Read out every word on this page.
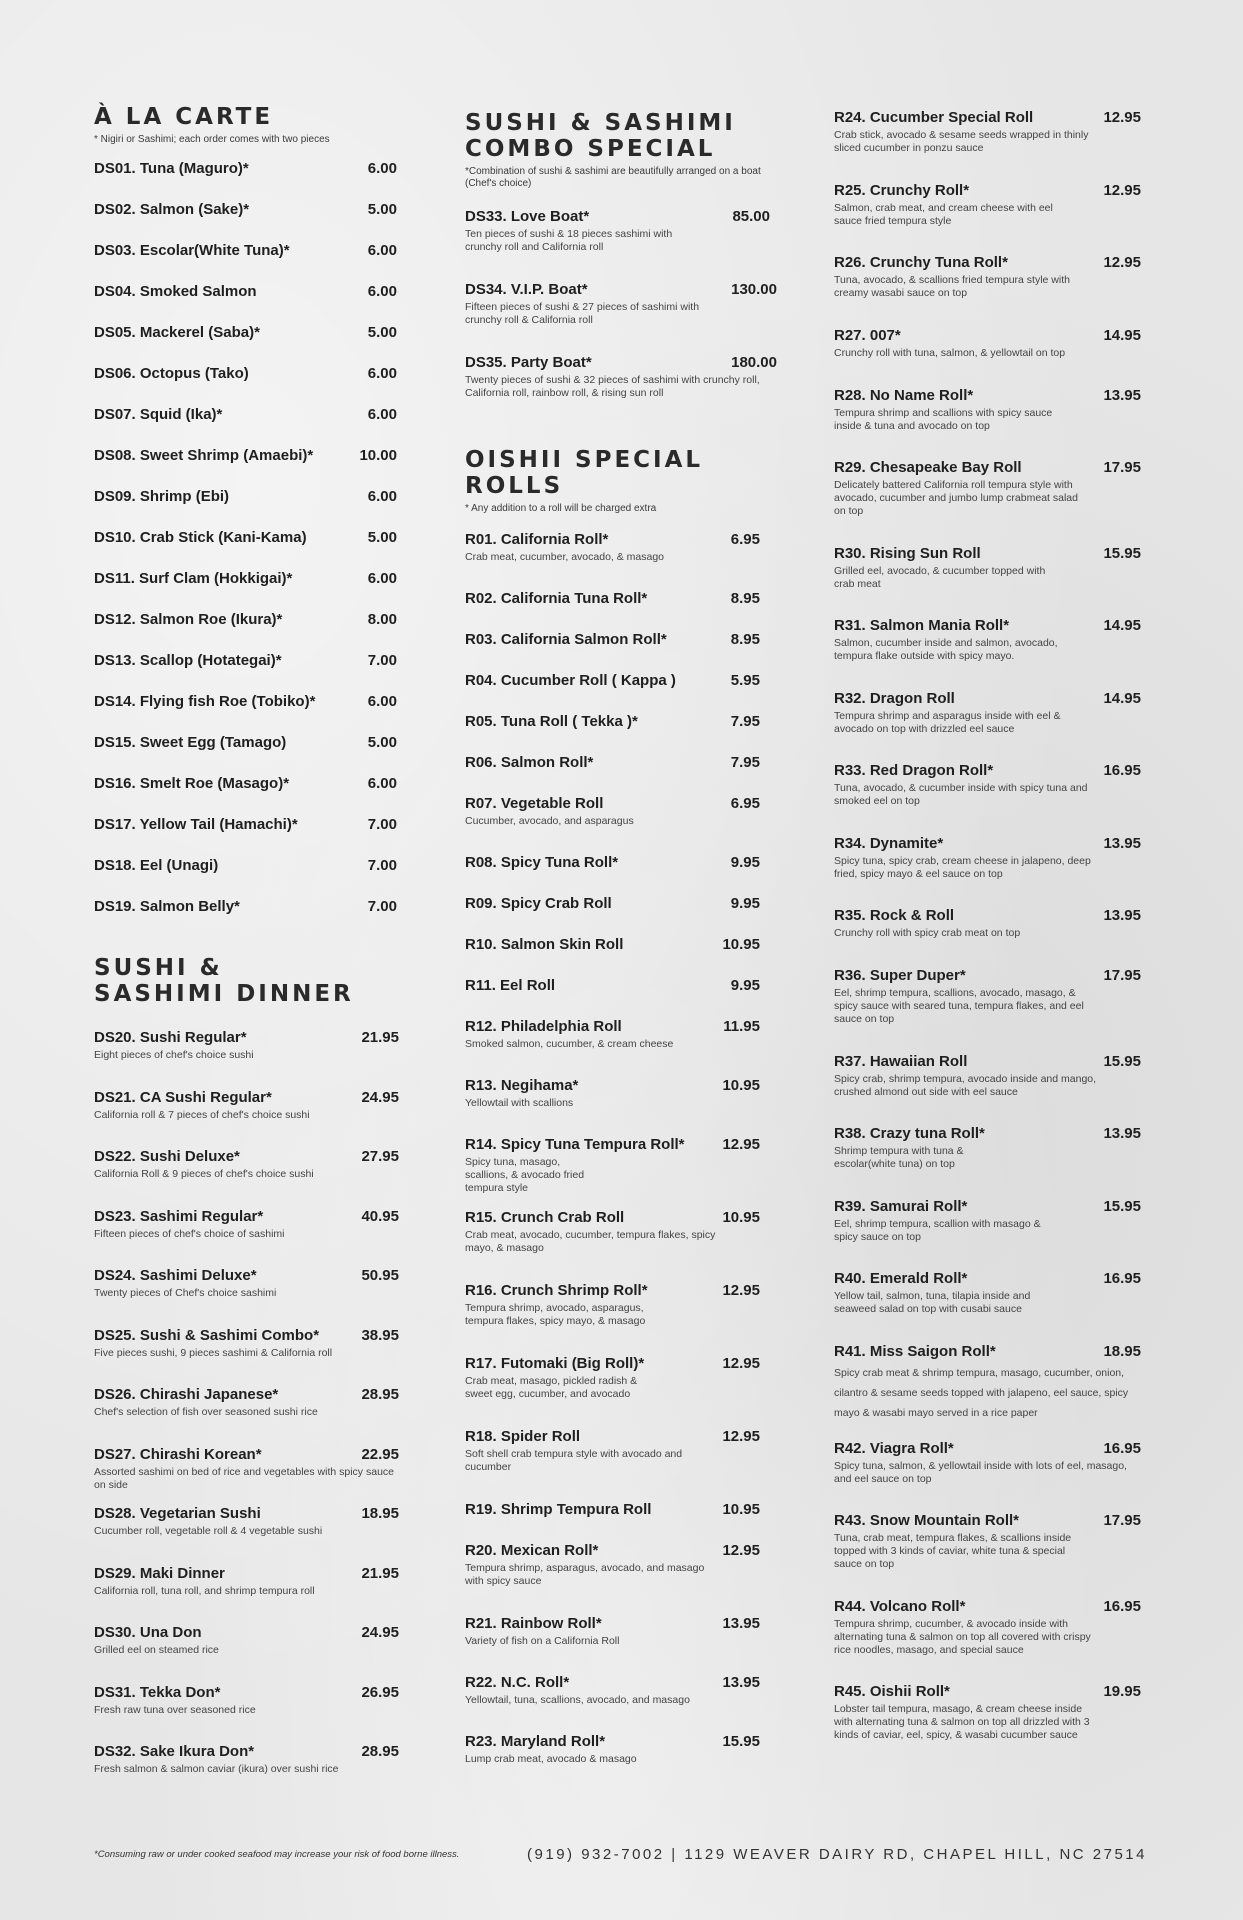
À LA CARTE
* Nigiri or Sashimi; each order comes with two pieces
DS01. Tuna (Maguro)*	6.00
DS02. Salmon (Sake)*	5.00
DS03. Escolar(White Tuna)*	6.00
DS04. Smoked Salmon	6.00
DS05. Mackerel (Saba)*	5.00
DS06. Octopus (Tako)	6.00
DS07. Squid (Ika)*	6.00
DS08. Sweet Shrimp (Amaebi)*	10.00
DS09. Shrimp (Ebi)	6.00
DS10. Crab Stick (Kani-Kama)	5.00
DS11. Surf Clam (Hokkigai)*	6.00
DS12. Salmon Roe (Ikura)*	8.00
DS13. Scallop (Hotategai)*	7.00
DS14. Flying fish Roe (Tobiko)*	6.00
DS15. Sweet Egg (Tamago)	5.00
DS16. Smelt Roe (Masago)*	6.00
DS17. Yellow Tail (Hamachi)*	7.00
DS18. Eel (Unagi)	7.00
DS19. Salmon Belly*	7.00
SUSHI &
SASHIMI DINNER
DS20. Sushi Regular*	21.95
Eight pieces of chef's choice sushi
DS21. CA Sushi Regular*	24.95
California roll & 7 pieces of chef's choice sushi
DS22. Sushi Deluxe*	27.95
California Roll & 9 pieces of chef's choice sushi
DS23. Sashimi Regular*	40.95
Fifteen pieces of chef's choice of sashimi
DS24. Sashimi Deluxe*	50.95
Twenty pieces of Chef's choice sashimi
DS25. Sushi & Sashimi Combo*	38.95
Five pieces sushi, 9 pieces sashimi & California roll
DS26. Chirashi Japanese*	28.95
Chef's selection of fish over seasoned sushi rice
DS27. Chirashi Korean*	22.95
Assorted sashimi on bed of rice and vegetables with spicy sauce on side
DS28. Vegetarian Sushi	18.95
Cucumber roll, vegetable roll & 4 vegetable sushi
DS29. Maki Dinner	21.95
California roll, tuna roll, and shrimp tempura roll
DS30. Una Don	24.95
Grilled eel on steamed rice
DS31. Tekka Don*	26.95
Fresh raw tuna over seasoned rice
DS32. Sake Ikura Don*	28.95
Fresh salmon & salmon caviar (ikura) over sushi rice
SUSHI & SASHIMI
COMBO SPECIAL
*Combination of sushi & sashimi are beautifully arranged on a boat (Chef's choice)
DS33. Love Boat*	85.00
Ten pieces of sushi & 18 pieces sashimi with crunchy roll and California roll
DS34. V.I.P. Boat*	130.00
Fifteen pieces of sushi & 27 pieces of sashimi with crunchy roll & California roll
DS35. Party Boat*	180.00
Twenty pieces of sushi & 32 pieces of sashimi with crunchy roll, California roll, rainbow roll, & rising sun roll
OISHII SPECIAL ROLLS
* Any addition to a roll will be charged extra
R01. California Roll*	6.95
Crab meat, cucumber, avocado, & masago
R02. California Tuna Roll*	8.95
R03. California Salmon Roll*	8.95
R04. Cucumber Roll ( Kappa )	5.95
R05. Tuna Roll ( Tekka )*	7.95
R06. Salmon Roll*	7.95
R07. Vegetable Roll	6.95
Cucumber, avocado, and asparagus
R08. Spicy Tuna Roll*	9.95
R09. Spicy Crab Roll	9.95
R10. Salmon Skin Roll	10.95
R11. Eel Roll	9.95
R12. Philadelphia Roll	11.95
Smoked salmon, cucumber, & cream cheese
R13. Negihama*	10.95
Yellowtail with scallions
R14. Spicy Tuna Tempura Roll*	12.95
Spicy tuna, masago, scallions, & avocado fried tempura style
R15. Crunch Crab Roll	10.95
Crab meat, avocado, cucumber, tempura flakes, spicy mayo, & masago
R16. Crunch Shrimp Roll*	12.95
Tempura shrimp, avocado, asparagus, tempura flakes, spicy mayo, & masago
R17. Futomaki (Big Roll)*	12.95
Crab meat, masago, pickled radish & sweet egg, cucumber, and avocado
R18. Spider Roll	12.95
Soft shell crab tempura style with avocado and cucumber
R19. Shrimp Tempura Roll	10.95
R20. Mexican Roll*	12.95
Tempura shrimp, asparagus, avocado, and masago with spicy sauce
R21. Rainbow Roll*	13.95
Variety of fish on a California Roll
R22. N.C. Roll*	13.95
Yellowtail, tuna, scallions, avocado, and masago
R23. Maryland Roll*	15.95
Lump crab meat, avocado & masago
R24. Cucumber Special Roll	12.95
Crab stick, avocado & sesame seeds wrapped in thinly sliced cucumber in ponzu sauce
R25. Crunchy Roll*	12.95
Salmon, crab meat, and cream cheese with eel sauce fried tempura style
R26. Crunchy Tuna Roll*	12.95
Tuna, avocado, & scallions fried tempura style with creamy wasabi sauce on top
R27. 007*	14.95
Crunchy roll with tuna, salmon, & yellowtail on top
R28. No Name Roll*	13.95
Tempura shrimp and scallions with spicy sauce inside & tuna and avocado on top
R29. Chesapeake Bay Roll	17.95
Delicately battered California roll tempura style with avocado, cucumber and jumbo lump crabmeat salad on top
R30. Rising Sun Roll	15.95
Grilled eel, avocado, & cucumber topped with crab meat
R31. Salmon Mania Roll*	14.95
Salmon, cucumber inside and salmon, avocado, tempura flake outside with spicy mayo.
R32. Dragon Roll	14.95
Tempura shrimp and asparagus inside with eel & avocado on top with drizzled eel sauce
R33. Red Dragon Roll*	16.95
Tuna, avocado, & cucumber inside with spicy tuna and smoked eel on top
R34. Dynamite*	13.95
Spicy tuna, spicy crab, cream cheese in jalapeno, deep fried, spicy mayo & eel sauce on top
R35. Rock & Roll	13.95
Crunchy roll with spicy crab meat on top
R36. Super Duper*	17.95
Eel, shrimp tempura, scallions, avocado, masago, & spicy sauce with seared tuna, tempura flakes, and eel sauce on top
R37. Hawaiian Roll	15.95
Spicy crab, shrimp tempura, avocado inside and mango, crushed almond out side with eel sauce
R38. Crazy tuna Roll*	13.95
Shrimp tempura with tuna & escolar(white tuna) on top
R39. Samurai Roll*	15.95
Eel, shrimp tempura, scallion with masago & spicy sauce on top
R40. Emerald Roll*	16.95
Yellow tail, salmon, tuna, tilapia inside and seaweed salad on top with cusabi sauce
R41. Miss Saigon Roll*	18.95
Spicy crab meat & shrimp tempura, masago, cucumber, onion, cilantro & sesame seeds topped with jalapeno, eel sauce, spicy mayo & wasabi mayo served in a rice paper
R42. Viagra Roll*	16.95
Spicy tuna, salmon, & yellowtail inside with lots of eel, masago, and eel sauce on top
R43. Snow Mountain Roll*	17.95
Tuna, crab meat, tempura flakes, & scallions inside topped with 3 kinds of caviar, white tuna & special sauce on top
R44. Volcano Roll*	16.95
Tempura shrimp, cucumber, & avocado inside with alternating tuna & salmon on top all covered with crispy rice noodles, masago, and special sauce
R45. Oishii Roll*	19.95
Lobster tail tempura, masago, & cream cheese inside with alternating tuna & salmon on top all drizzled with 3 kinds of caviar, eel, spicy, & wasabi cucumber sauce
*Consuming raw or under cooked seafood may increase your risk of food borne illness.	(919) 932-7002 | 1129 WEAVER DAIRY RD, CHAPEL HILL, NC 27514
